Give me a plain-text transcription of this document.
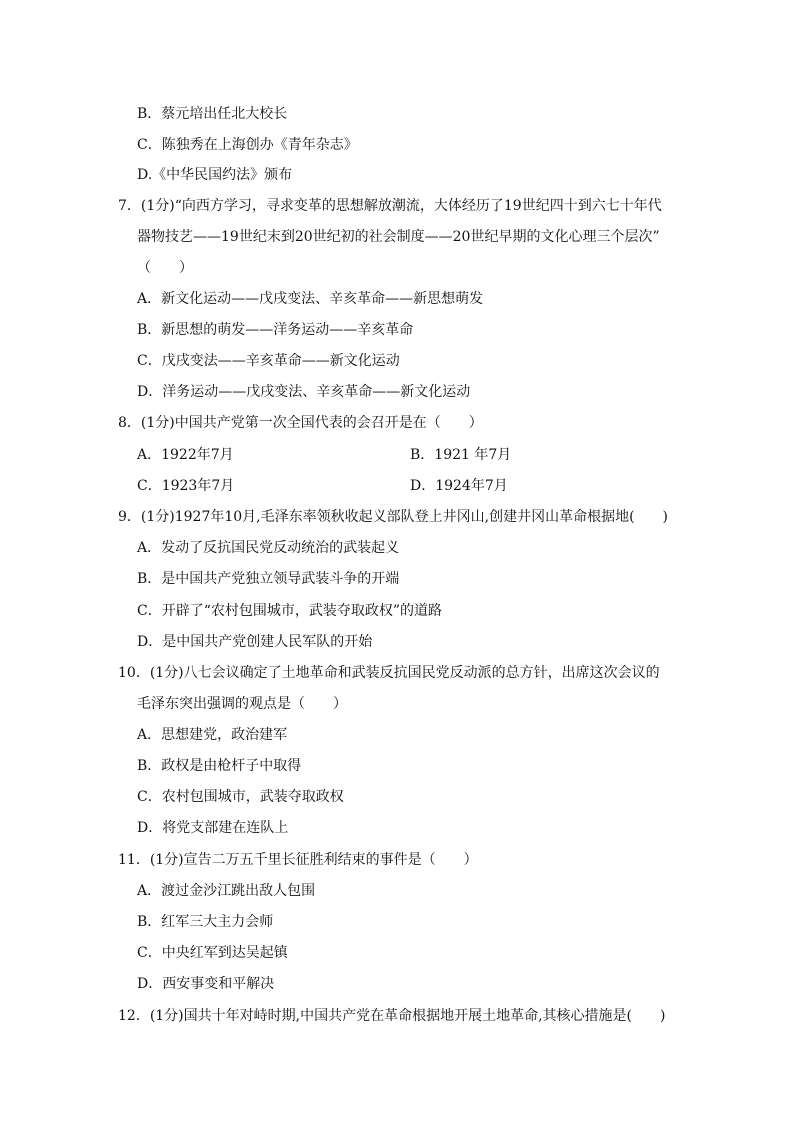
B．蔡元培出任北大校长
C．陈独秀在上海创办《青年杂志》
D.《中华民国约法》颁布
7．(1分)“向西方学习，寻求变革的思想解放潮流，大体经历了19世纪四十到六七十年代
器物技艺——19世纪末到20世纪初的社会制度——20世纪早期的文化心理三个层次”
（　　）
A．新文化运动——戊戌变法、辛亥革命——新思想萌发
B．新思想的萌发——洋务运动——辛亥革命
C．戊戌变法——辛亥革命——新文化运动
D．洋务运动——戊戌变法、辛亥革命——新文化运动
8．(1分)中国共产党第一次全国代表的会召开是在（　　）
A．1922年7月	B．1921 年7月
C．1923年7月	D．1924年7月
9．(1分)1927年10月,毛泽东率领秋收起义部队登上井冈山,创建井冈山革命根据地(　　)
A．发动了反抗国民党反动统治的武装起义
B．是中国共产党独立领导武装斗争的开端
C．开辟了“农村包围城市，武装夺取政权”的道路
D．是中国共产党创建人民军队的开始
10．(1分)八七会议确定了土地革命和武装反抗国民党反动派的总方针，出席这次会议的
毛泽东突出强调的观点是（　　）
A．思想建党，政治建军
B．政权是由枪杆子中取得
C．农村包围城市，武装夺取政权
D．将党支部建在连队上
11．(1分)宣告二万五千里长征胜利结束的事件是（　　）
A．渡过金沙江跳出敌人包围
B．红军三大主力会师
C．中央红军到达吴起镇
D．西安事变和平解决
12．(1分)国共十年对峙时期,中国共产党在革命根据地开展土地革命,其核心措施是(　　)
